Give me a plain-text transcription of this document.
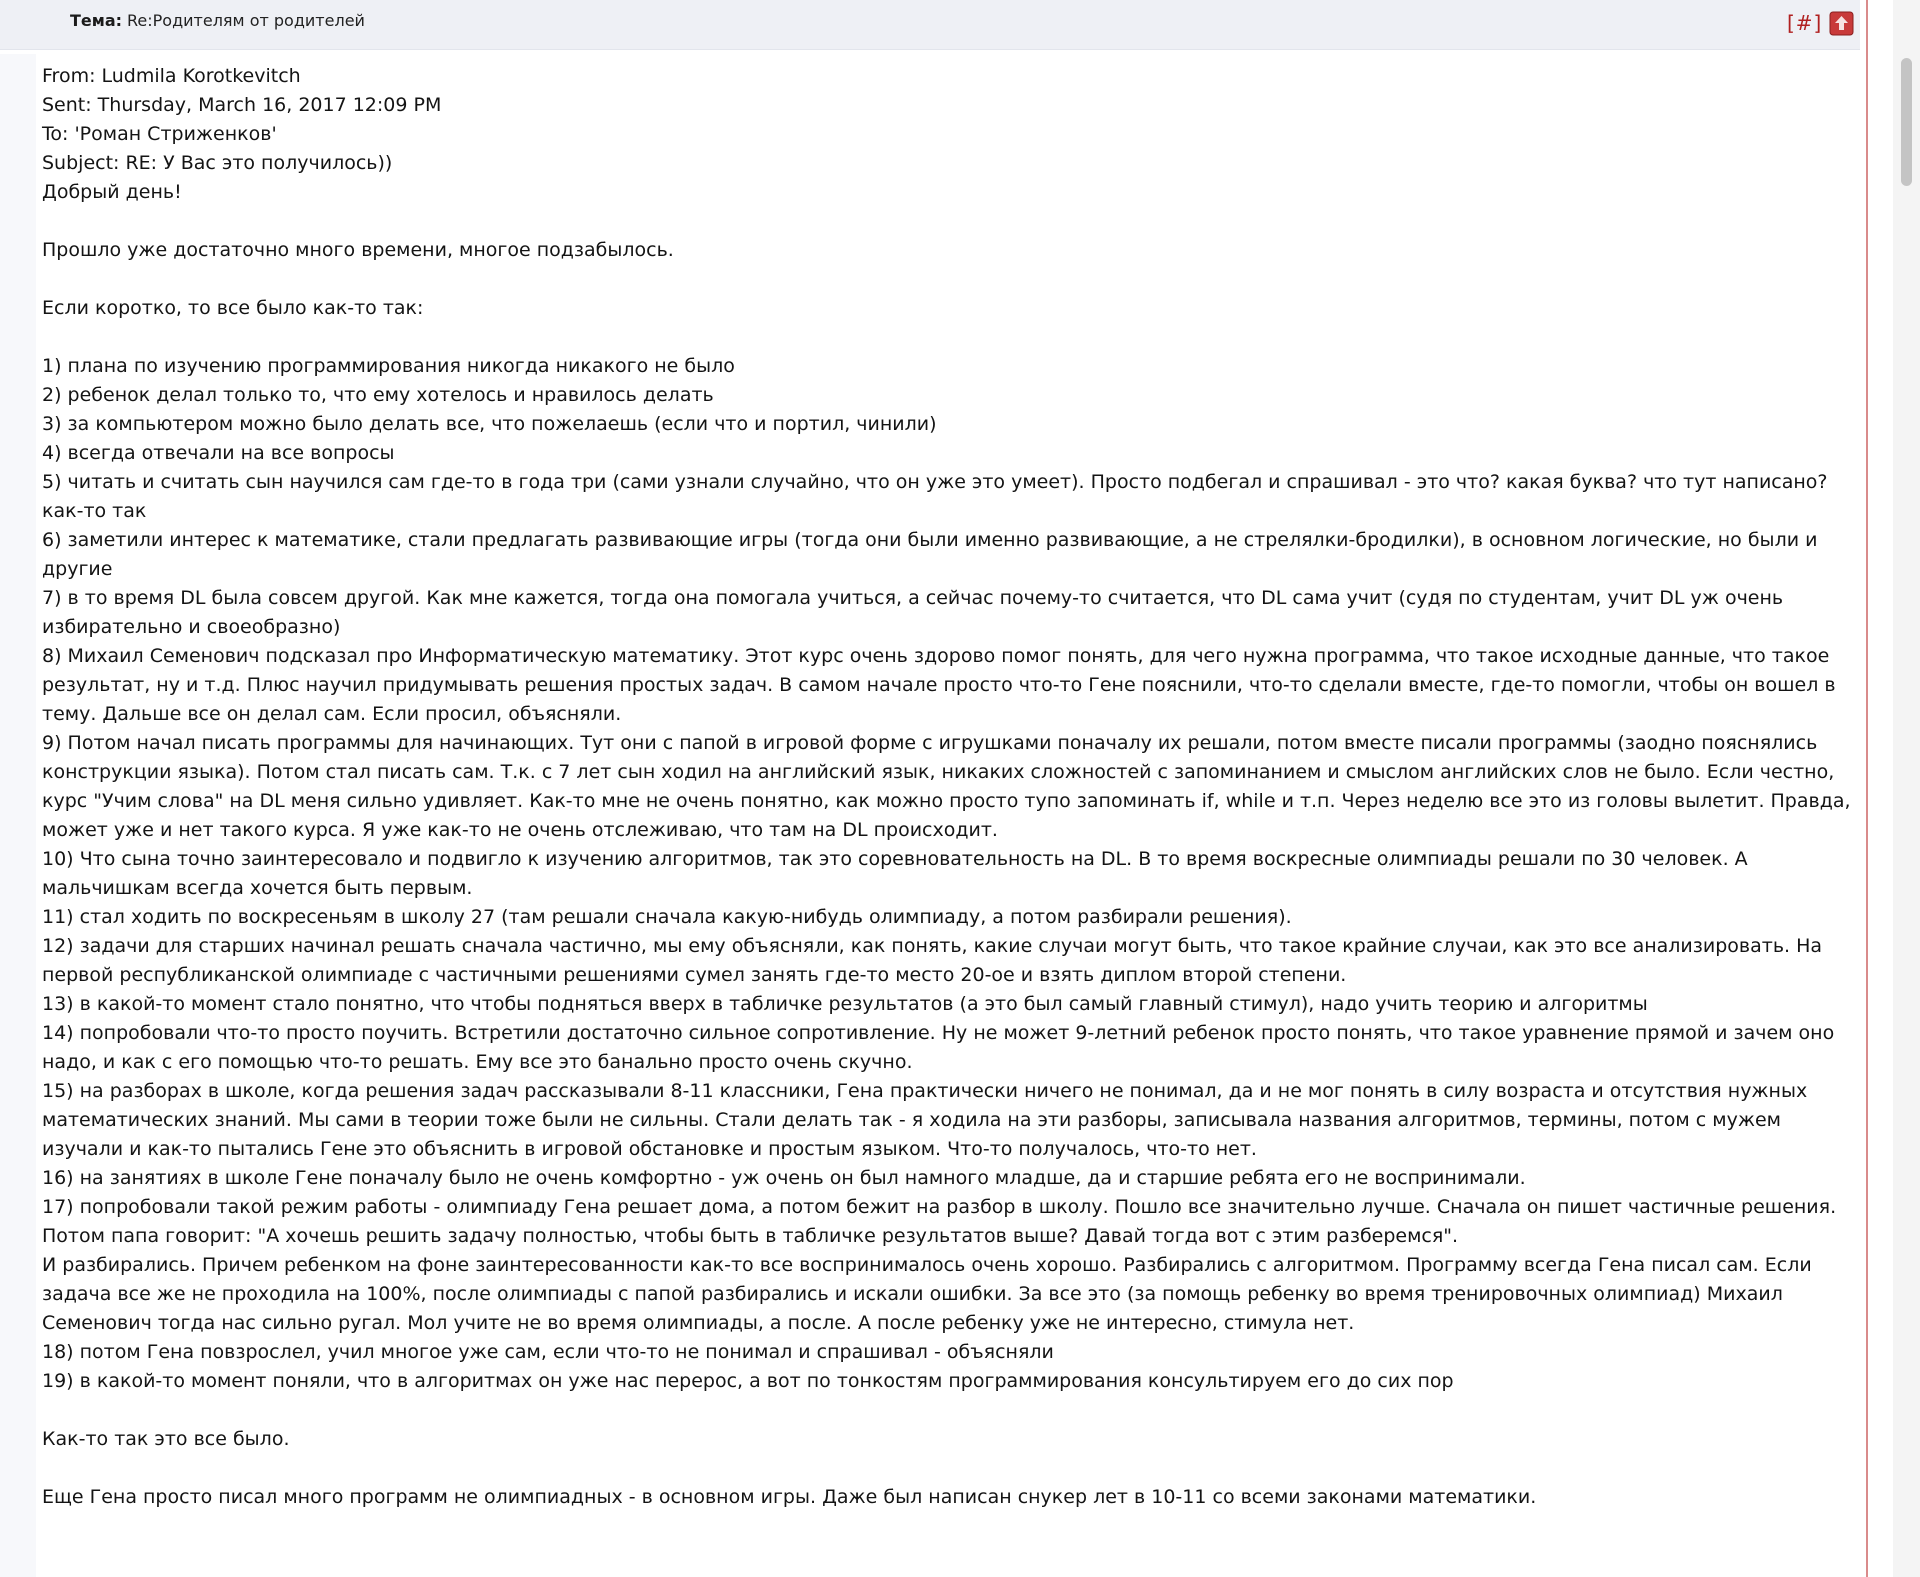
Тема: Re:Родителям от родителей	[#]
From: Ludmila Korotkevitch
Sent: Thursday, March 16, 2017 12:09 PM
To: 'Роман Стриженков'
Subject: RE: У Вас это получилось))
Добрый день!
Прошло уже достаточно много времени, многое подзабылось.
Если коротко, то все было как-то так:
1) плана по изучению программирования никогда никакого не было
2) ребенок делал только то, что ему хотелось и нравилось делать
3) за компьютером можно было делать все, что пожелаешь (если что и портил, чинили)
4) всегда отвечали на все вопросы
5) читать и считать сын научился сам где-то в года три (сами узнали случайно, что он уже это умеет). Просто подбегал и спрашивал - это что? какая буква? что тут написано? как-то так
6) заметили интерес к математике, стали предлагать развивающие игры (тогда они были именно развивающие, а не стрелялки-бродилки), в основном логические, но были и другие
7) в то время DL была совсем другой. Как мне кажется, тогда она помогала учиться, а сейчас почему-то считается, что DL сама учит (судя по студентам, учит DL уж очень избирательно и своеобразно)
8) Михаил Семенович подсказал про Информатическую математику. Этот курс очень здорово помог понять, для чего нужна программа, что такое исходные данные, что такое результат, ну и т.д. Плюс научил придумывать решения простых задач. В самом начале просто что-то Гене пояснили, что-то сделали вместе, где-то помогли, чтобы он вошел в тему. Дальше все он делал сам. Если просил, объясняли.
9) Потом начал писать программы для начинающих. Тут они с папой в игровой форме с игрушками поначалу их решали, потом вместе писали программы (заодно пояснялись конструкции языка). Потом стал писать сам. Т.к. с 7 лет сын ходил на английский язык, никаких сложностей с запоминанием и смыслом английских слов не было. Если честно, курс "Учим слова" на DL меня сильно удивляет. Как-то мне не очень понятно, как можно просто тупо запоминать if, while и т.п. Через неделю все это из головы вылетит. Правда, может уже и нет такого курса. Я уже как-то не очень отслеживаю, что там на DL происходит.
10) Что сына точно заинтересовало и подвигло к изучению алгоритмов, так это соревновательность на DL. В то время воскресные олимпиады решали по 30 человек. А мальчишкам всегда хочется быть первым.
11) стал ходить по воскресеньям в школу 27 (там решали сначала какую-нибудь олимпиаду, а потом разбирали решения).
12) задачи для старших начинал решать сначала частично, мы ему объясняли, как понять, какие случаи могут быть, что такое крайние случаи, как это все анализировать. На первой республиканской олимпиаде с частичными решениями сумел занять где-то место 20-ое и взять диплом второй степени.
13) в какой-то момент стало понятно, что чтобы подняться вверх в табличке результатов (а это был самый главный стимул), надо учить теорию и алгоритмы
14) попробовали что-то просто поучить. Встретили достаточно сильное сопротивление. Ну не может 9-летний ребенок просто понять, что такое уравнение прямой и зачем оно надо, и как с его помощью что-то решать. Ему все это банально просто очень скучно.
15) на разборах в школе, когда решения задач рассказывали 8-11 классники, Гена практически ничего не понимал, да и не мог понять в силу возраста и отсутствия нужных математических знаний. Мы сами в теории тоже были не сильны. Стали делать так - я ходила на эти разборы, записывала названия алгоритмов, термины, потом с мужем изучали и как-то пытались Гене это объяснить в игровой обстановке и простым языком. Что-то получалось, что-то нет.
16) на занятиях в школе Гене поначалу было не очень комфортно - уж очень он был намного младше, да и старшие ребята его не воспринимали.
17) попробовали такой режим работы - олимпиаду Гена решает дома, а потом бежит на разбор в школу. Пошло все значительно лучше. Сначала он пишет частичные решения. Потом папа говорит: "А хочешь решить задачу полностью, чтобы быть в табличке результатов выше? Давай тогда вот с этим разберемся".
И разбирались. Причем ребенком на фоне заинтересованности как-то все воспринималось очень хорошо. Разбирались с алгоритмом. Программу всегда Гена писал сам. Если задача все же не проходила на 100%, после олимпиады с папой разбирались и искали ошибки. За все это (за помощь ребенку во время тренировочных олимпиад) Михаил Семенович тогда нас сильно ругал. Мол учите не во время олимпиады, а после. А после ребенку уже не интересно, стимула нет.
18) потом Гена повзрослел, учил многое уже сам, если что-то не понимал и спрашивал - объясняли
19) в какой-то момент поняли, что в алгоритмах он уже нас перерос, а вот по тонкостям программирования консультируем его до сих пор
Как-то так это все было.
Еще Гена просто писал много программ не олимпиадных - в основном игры. Даже был написан снукер лет в 10-11 со всеми законами математики.
